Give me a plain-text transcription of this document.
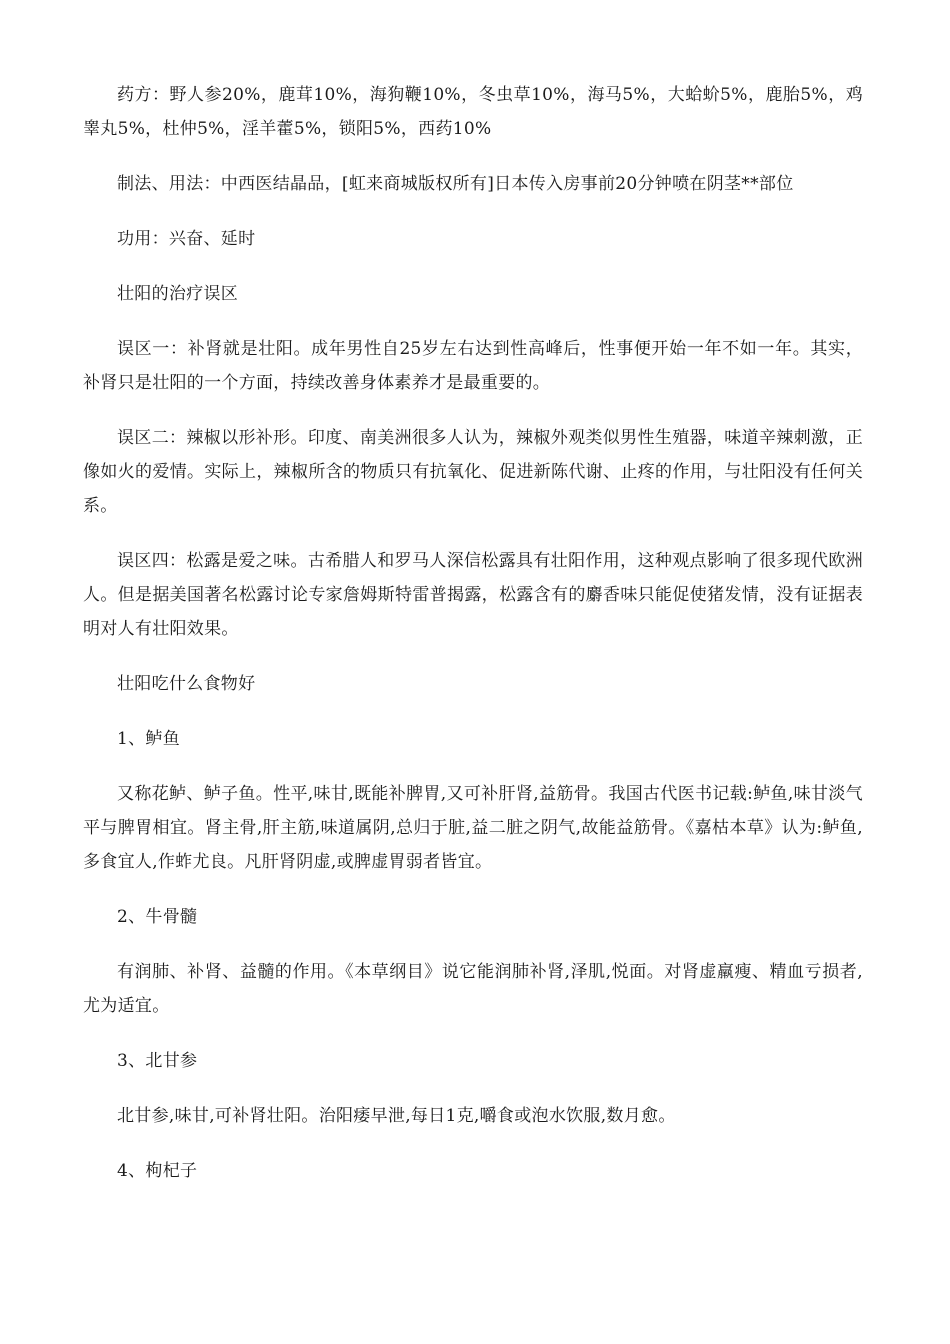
药方：野人参20%，鹿茸10%，海狗鞭10%，冬虫草10%，海马5%，大蛤蚧5%，鹿胎5%，鸡睾丸5%，杜仲5%，淫羊藿5%，锁阳5%，西药10%

制法、用法：中西医结晶品，[虹来商城版权所有]日本传入房事前20分钟喷在阴茎**部位

功用：兴奋、延时

壮阳的治疗误区

误区一：补肾就是壮阳。成年男性自25岁左右达到性高峰后，性事便开始一年不如一年。其实，补肾只是壮阳的一个方面，持续改善身体素养才是最重要的。

误区二：辣椒以形补形。印度、南美洲很多人认为，辣椒外观类似男性生殖器，味道辛辣刺激，正像如火的爱情。实际上，辣椒所含的物质只有抗氧化、促进新陈代谢、止疼的作用，与壮阳没有任何关系。

误区四：松露是爱之味。古希腊人和罗马人深信松露具有壮阳作用，这种观点影响了很多现代欧洲人。但是据美国著名松露讨论专家詹姆斯特雷普揭露，松露含有的麝香味只能促使猪发情，没有证据表明对人有壮阳效果。

壮阳吃什么食物好

1、鲈鱼

又称花鲈、鲈子鱼。性平,味甘,既能补脾胃,又可补肝肾,益筋骨。我国古代医书记载:鲈鱼,味甘淡气平与脾胃相宜。肾主骨,肝主筋,味道属阴,总归于脏,益二脏之阴气,故能益筋骨。《嘉枯本草》认为:鲈鱼,多食宜人,作蚱尤良。凡肝肾阴虚,或脾虚胃弱者皆宜。

2、牛骨髓

有润肺、补肾、益髓的作用。《本草纲目》说它能润肺补肾,泽肌,悦面。对肾虚羸瘦、精血亏损者,尤为适宜。

3、北甘参

北甘参,味甘,可补肾壮阳。治阳痿早泄,每日1克,嚼食或泡水饮服,数月愈。

4、枸杞子
